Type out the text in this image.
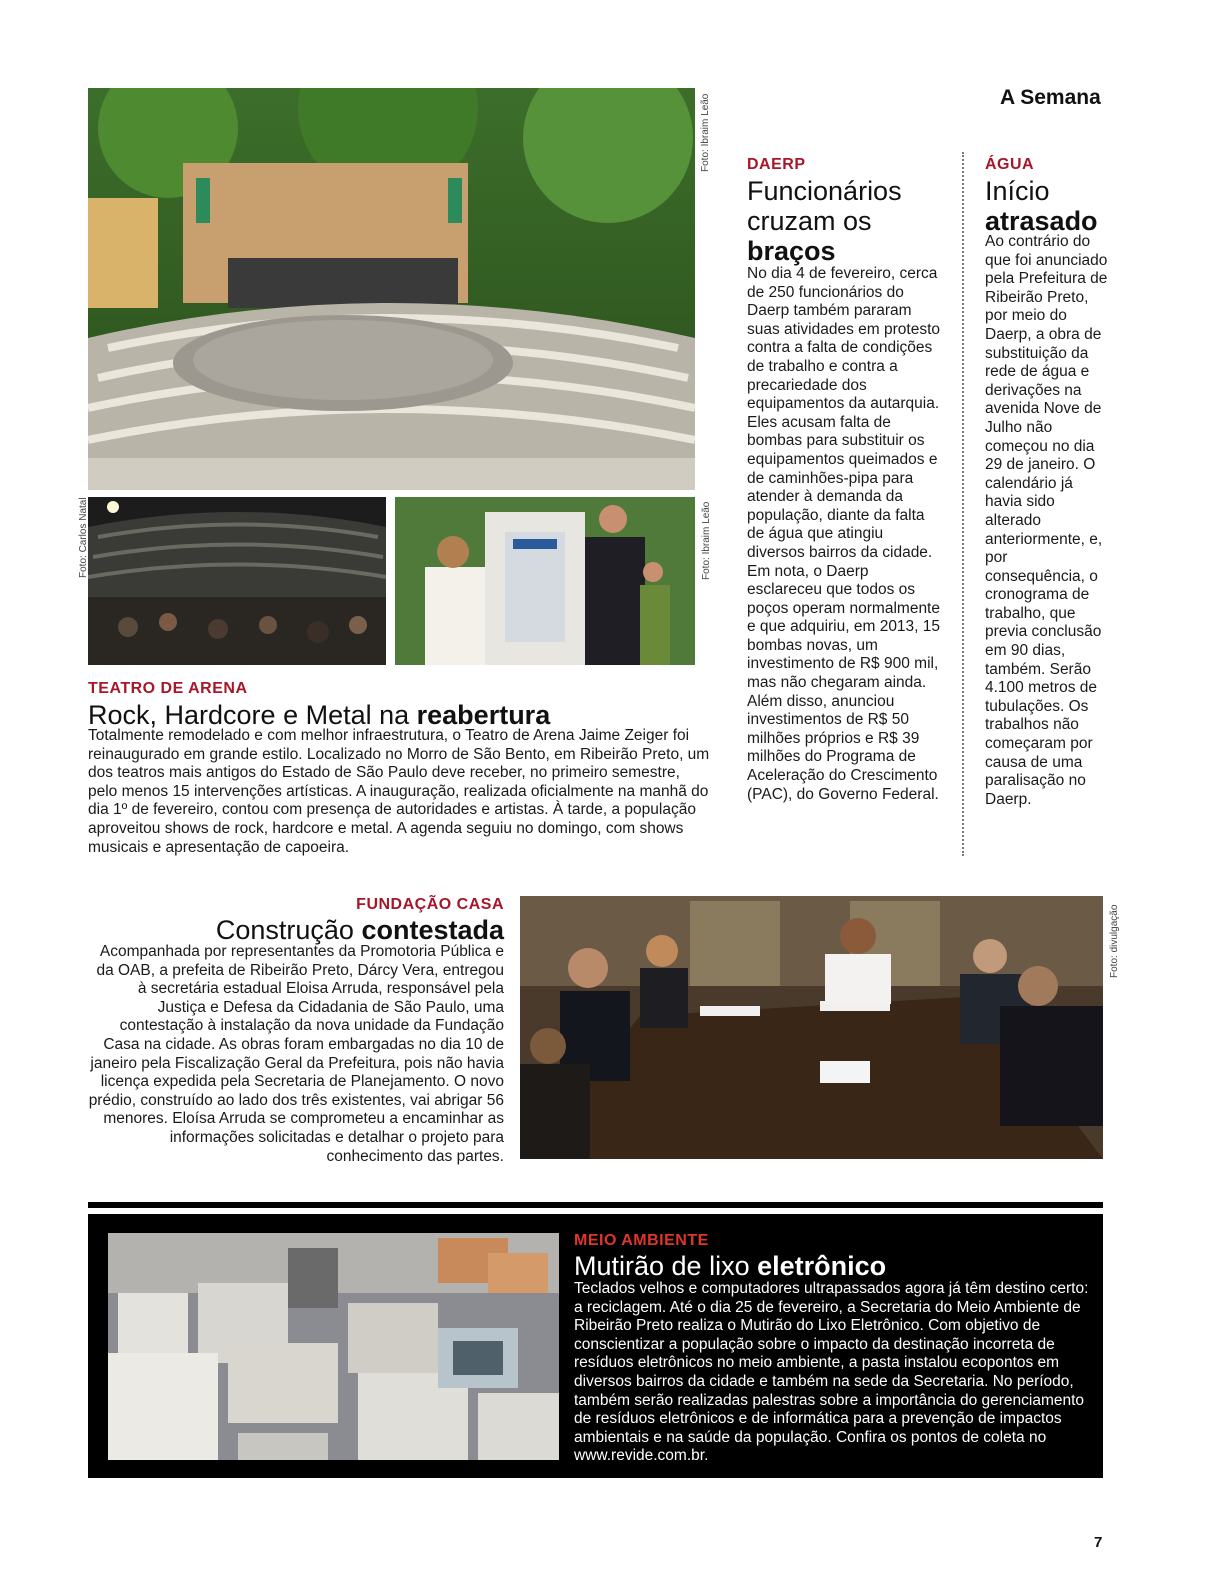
A Semana
7
Foto: Ibraim Leão
Foto: Carlos Natal	Foto: Ibraim Leão
TEATRO DE ARENA
Rock, Hardcore e Metal na reabertura
Totalmente remodelado e com melhor infraestrutura, o Teatro de Arena Jaime Zeiger foi reinaugurado em grande estilo. Localizado no Morro de São Bento, em Ribeirão Preto, um dos teatros mais antigos do Estado de São Paulo deve receber, no primeiro semestre, pelo menos 15 intervenções artísticas. A inauguração, realizada oficialmente na manhã do dia 1º de fevereiro, contou com presença de autoridades e artistas. À tarde, a população aproveitou shows de rock, hardcore e metal. A agenda seguiu no domingo, com shows musicais e apresentação de capoeira.
DAERP
Funcionários
cruzam os
braços
No dia 4 de fevereiro, cerca de 250 funcionários do Daerp também pararam suas atividades em protesto contra a falta de condições de trabalho e contra a precariedade dos equipamentos da autarquia. Eles acusam falta de bombas para substituir os equipamentos queimados e de caminhões-pipa para atender à demanda da população, diante da falta de água que atingiu diversos bairros da cidade. Em nota, o Daerp esclareceu que todos os poços operam normalmente e que adquiriu, em 2013, 15 bombas novas, um investimento de R$ 900 mil, mas não chegaram ainda. Além disso, anunciou investimentos de R$ 50 milhões próprios e R$ 39 milhões do Programa de Aceleração do Crescimento (PAC), do Governo Federal.
ÁGUA
Início
atrasado
Ao contrário do que foi anunciado pela Prefeitura de Ribeirão Preto, por meio do Daerp, a obra de substituição da rede de água e derivações na avenida Nove de Julho não começou no dia 29 de janeiro. O calendário já havia sido alterado anteriormente, e, por consequência, o cronograma de trabalho, que previa conclusão em 90 dias, também. Serão 4.100 metros de tubulações. Os trabalhos não começaram por causa de uma paralisação no Daerp.
FUNDAÇÃO CASA
Construção contestada
Acompanhada por representantes da Promotoria Pública e da OAB, a prefeita de Ribeirão Preto, Dárcy Vera, entregou à secretária estadual Eloisa Arruda, responsável pela Justiça e Defesa da Cidadania de São Paulo, uma contestação à instalação da nova unidade da Fundação Casa na cidade. As obras foram embargadas no dia 10 de janeiro pela Fiscalização Geral da Prefeitura, pois não havia licença expedida pela Secretaria de Planejamento. O novo prédio, construído ao lado dos três existentes, vai abrigar 56 menores. Eloísa Arruda se comprometeu a encaminhar as informações solicitadas e detalhar o projeto para conhecimento das partes.
Foto: divulgação
MEIO AMBIENTE
Mutirão de lixo eletrônico
Teclados velhos e computadores ultrapassados agora já têm destino certo: a reciclagem. Até o dia 25 de fevereiro, a Secretaria do Meio Ambiente de Ribeirão Preto realiza o Mutirão do Lixo Eletrônico. Com objetivo de conscientizar a população sobre o impacto da destinação incorreta de resíduos eletrônicos no meio ambiente, a pasta instalou ecopontos em diversos bairros da cidade e também na sede da Secretaria. No período, também serão realizadas palestras sobre a importância do gerenciamento de resíduos eletrônicos e de informática para a prevenção de impactos ambientais e na saúde da população. Confira os pontos de coleta no www.revide.com.br.
